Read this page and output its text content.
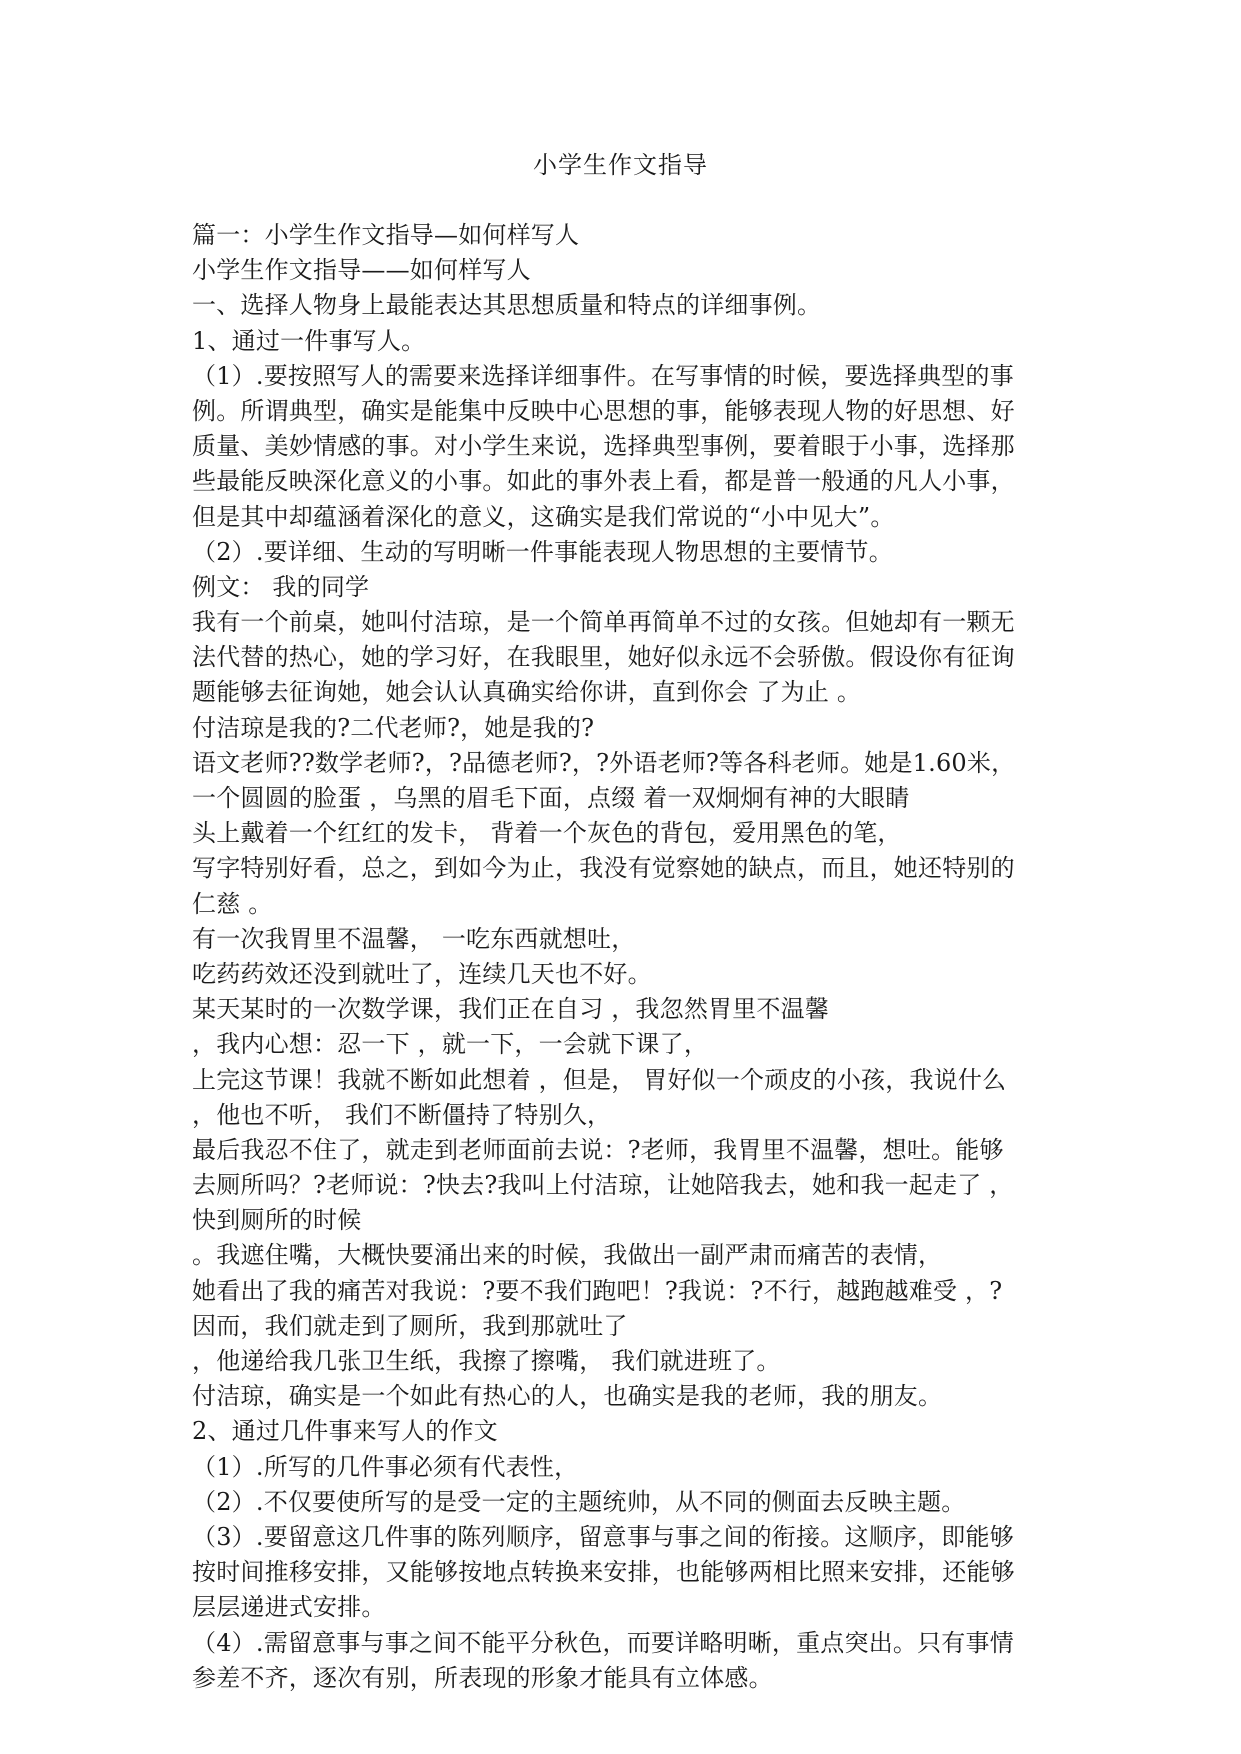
小学生作文指导
篇一：小学生作文指导—如何样写人
小学生作文指导——如何样写人
一、选择人物身上最能表达其思想质量和特点的详细事例。
1、通过一件事写人。
（1）.要按照写人的需要来选择详细事件。在写事情的时候，要选择典型的事
例。所谓典型，确实是能集中反映中心思想的事，能够表现人物的好思想、好
质量、美妙情感的事。对小学生来说，选择典型事例，要着眼于小事，选择那
些最能反映深化意义的小事。如此的事外表上看，都是普一般通的凡人小事，
但是其中却蕴涵着深化的意义，这确实是我们常说的“小中见大”。
（2）.要详细、生动的写明晰一件事能表现人物思想的主要情节。
例文： 我的同学
我有一个前桌，她叫付洁琼，是一个简单再简单不过的女孩。但她却有一颗无
法代替的热心，她的学习好，在我眼里，她好似永远不会骄傲。假设你有征询
题能够去征询她，她会认认真确实给你讲，直到你会 了为止 。
付洁琼是我的?二代老师?，她是我的?
语文老师??数学老师?，?品德老师?，?外语老师?等各科老师。她是1.60米，
一个圆圆的脸蛋 ，乌黑的眉毛下面，点缀 着一双炯炯有神的大眼睛
头上戴着一个红红的发卡， 背着一个灰色的背包，爱用黑色的笔，
写字特别好看，总之，到如今为止，我没有觉察她的缺点，而且，她还特别的
仁慈 。
有一次我胃里不温馨， 一吃东西就想吐，
吃药药效还没到就吐了，连续几天也不好。
某天某时的一次数学课，我们正在自习 ，我忽然胃里不温馨
，我内心想：忍一下 ，就一下，一会就下课了，
上完这节课！我就不断如此想着 ，但是， 胃好似一个顽皮的小孩，我说什么
，他也不听， 我们不断僵持了特别久，
最后我忍不住了，就走到老师面前去说：?老师，我胃里不温馨，想吐。能够
去厕所吗？?老师说：?快去?我叫上付洁琼，让她陪我去，她和我一起走了 ，
快到厕所的时候
。我遮住嘴，大概快要涌出来的时候，我做出一副严肃而痛苦的表情，
她看出了我的痛苦对我说：?要不我们跑吧！?我说：?不行，越跑越难受 ，?
因而，我们就走到了厕所，我到那就吐了
，他递给我几张卫生纸，我擦了擦嘴， 我们就进班了。
付洁琼，确实是一个如此有热心的人，也确实是我的老师，我的朋友。
2、通过几件事来写人的作文
（1）.所写的几件事必须有代表性，
（2）.不仅要使所写的是受一定的主题统帅，从不同的侧面去反映主题。
（3）.要留意这几件事的陈列顺序，留意事与事之间的衔接。这顺序，即能够
按时间推移安排，又能够按地点转换来安排，也能够两相比照来安排，还能够
层层递进式安排。
（4）.需留意事与事之间不能平分秋色，而要详略明晰，重点突出。只有事情
参差不齐，逐次有别，所表现的形象才能具有立体感。
